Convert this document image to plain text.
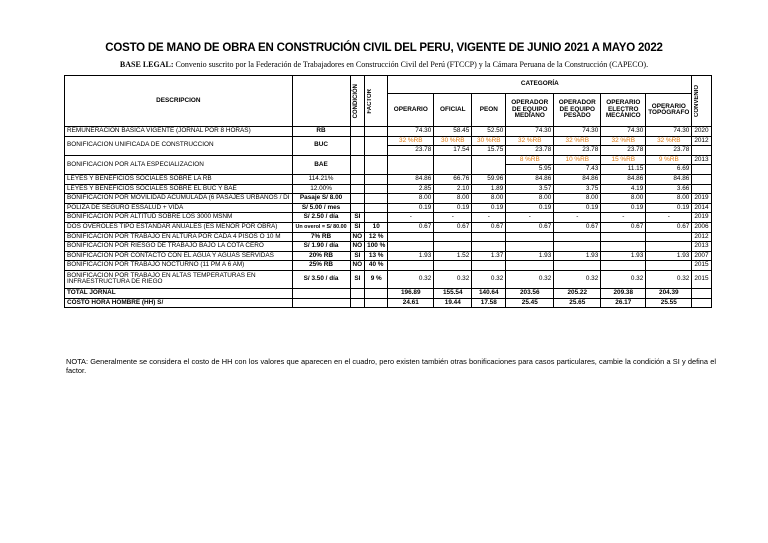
COSTO DE MANO DE OBRA EN CONSTRUCIÓN CIVIL DEL PERU, VIGENTE DE JUNIO 2021 A MAYO 2022
BASE LEGAL: Convenio suscrito por la Federación de Trabajadores en Construcción Civil del Perú (FTCCP) y la Cámara Peruana de la Construcción (CAPECO).
DESCRIPCION		CONDICIÓN	FACTOR	CATEGORÍA							CONVENIO

				OPERARIO	OFICIAL	PEON	OPERADOR DE EQUIPO MEDIANO	OPERADOR DE EQUIPO PESADO	OPERARIO ELECTRO MECÁNICO	OPERARIO TOPÓGRAFO	
REMUNERACION BASICA VIGENTE (JORNAL POR 8 HORAS)	RB			74.30	58.45	52.50	74.30	74.30	74.30	74.30	2020
BONIFICACION UNIFICADA DE CONSTRUCCION	BUC			32 %RB	30 %RB	30 %RB	32 %RB	32 %RB	32 %RB	32 %RB	2012
				23.78	17.54	15.75	23.78	23.78	23.78	23.78	
BONIFICACION POR ALTA ESPECIALIZACION	BAE						8 %RB	10 %RB	15 %RB	9 %RB	2013
							5.95	7.43	11.15	6.69	
LEYES Y BENEFICIOS SOCIALES SOBRE LA RB	114.21%			84.86	66.76	59.96	84.86	84.86	84.86	84.86	
LEYES Y BENEFICIOS SOCIALES SOBRE EL BUC Y BAE	12.00%			2.85	2.10	1.89	3.57	3.75	4.19	3.66	
BONIFICACION POR MOVILIDAD ACUMULADA (6 PASAJES URBANOS / DI	Pasaje S/ 8.00			8.00	8.00	8.00	8.00	8.00	8.00	8.00	2019
POLIZA DE SEGURO ESSALUD + VIDA	S/ 5.00 / mes			0.19	0.19	0.19	0.19	0.19	0.19	0.19	2014
BONIFICACION POR ALTITUD SOBRE LOS 3000 MSNM	S/ 2.50 / día	SI		-	-	-	-	-	-	-	2019
DOS OVEROLES TIPO ESTANDAR ANUALES (ES MENOR POR OBRA)	Un overol = S/ 80.00	SI	10	0.67	0.67	0.67	0.67	0.67	0.67	0.67	2006
BONIFICACION POR TRABAJO EN ALTURA POR CADA 4 PISOS O 10 M	7% RB	NO	12 %								2012
BONIFICACION POR RIESGO DE TRABAJO BAJO LA COTA CERO	S/ 1.90 / día	NO	100 %								2013
BONIFICACION POR CONTACTO CON EL AGUA Y AGUAS SERVIDAS	20% RB	SI	13 %	1.93	1.52	1.37	1.93	1.93	1.93	1.93	2007
BONIFICACION POR TRABAJO NOCTURNO (11 PM A 6 AM)	25% RB	NO	40 %								2015
BONIFICACION POR TRABAJO EN ALTAS TEMPERATURAS EN INFRAESTRUCTURA DE RIEGO	S/ 3.50 / día	SI	9 %	0.32	0.32	0.32	0.32	0.32	0.32	0.32	2015
TOTAL JORNAL				196.89	155.54	140.64	203.56	205.22	209.38	204.39	
COSTO HORA HOMBRE (HH) S/				24.61	19.44	17.58	25.45	25.65	26.17	25.55	
NOTA: Generalmente se considera el costo de HH con los valores que aparecen en el cuadro, pero existen también otras bonificaciones para casos particulares, cambie la condición a SI y defina el factor.
